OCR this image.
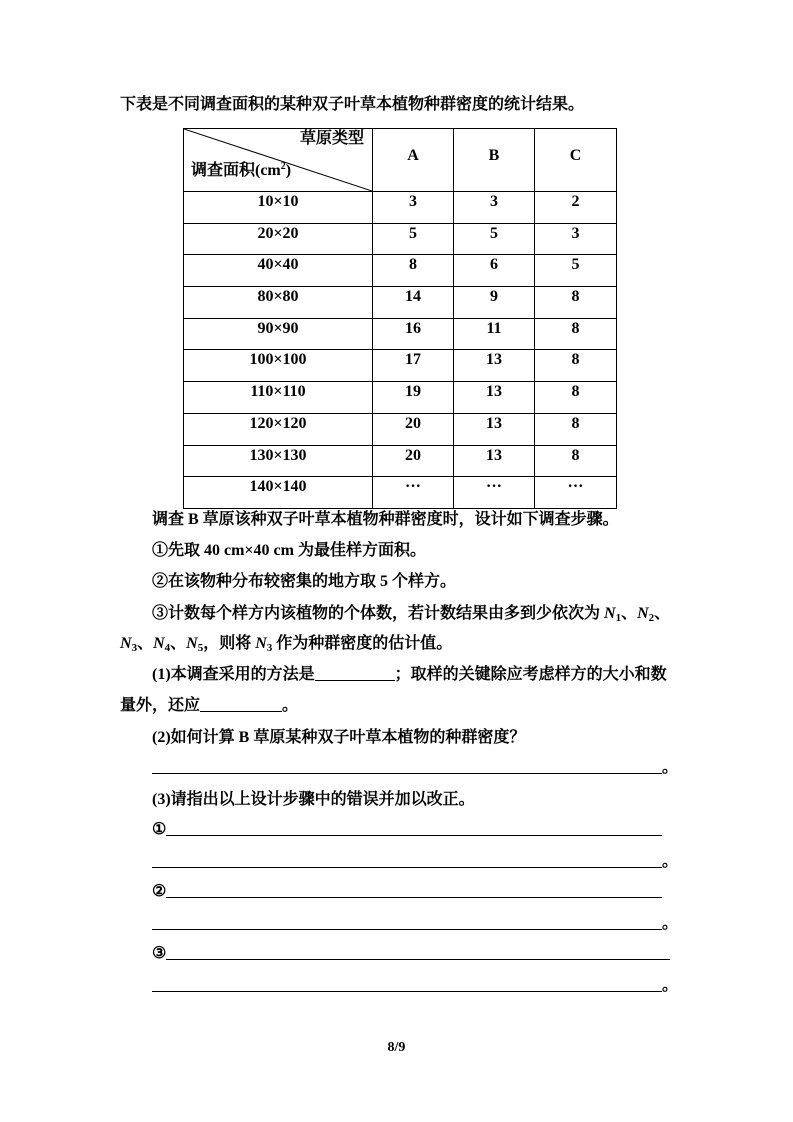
下表是不同调查面积的某种双子叶草本植物种群密度的统计结果。
草原类型
调查面积$(cm^2)$	A	B	C
10×10	3	3	2
20×20	5	5	3
40×40	8	6	5
80×80	14	9	8
90×90	16	11	8
100×100	17	13	8
110×110	19	13	8
120×120	20	13	8
130×130	20	13	8
140×140	···	···	···
调查 B 草原该种双子叶草本植物种群密度时，设计如下调查步骤。
①先取 40 cm×40 cm 为最佳样方面积。
②在该物种分布较密集的地方取 5 个样方。
③计数每个样方内该植物的个体数，若计数结果由多到少依次为 $N_1$、$N_2$、
$N_3$、$N_4$、$N_5$，则将 $N_3$ 作为种群密度的估计值。
(1)本调查采用的方法是	；取样的关键除应考虑样方的大小和数
量外，还应	。
(2)如何计算 B 草原某种双子叶草本植物的种群密度？
。
(3)请指出以上设计步骤中的错误并加以改正。
①
。
②
。
③
。
8/9
